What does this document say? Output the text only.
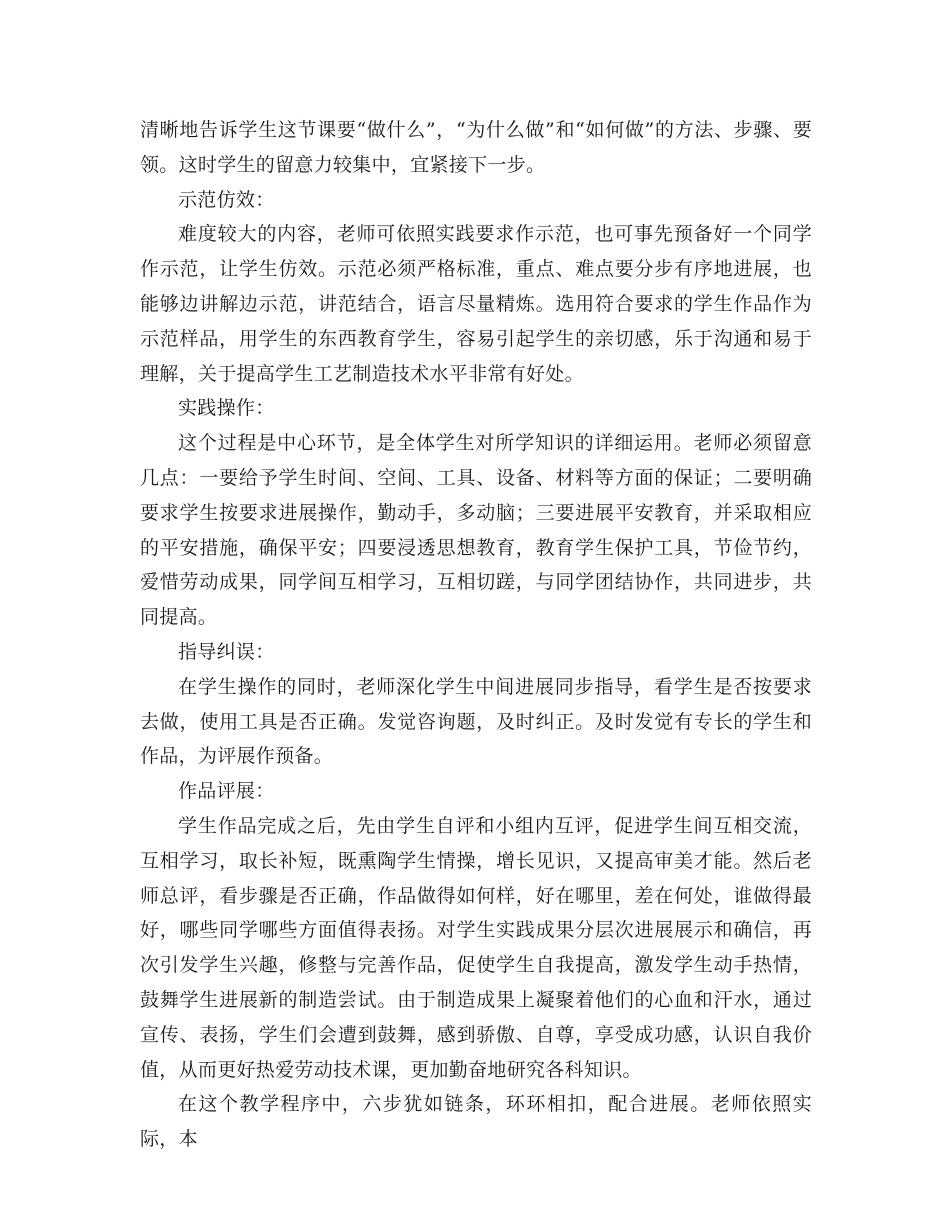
清晰地告诉学生这节课要“做什么”，“为什么做”和“如何做”的方法、步骤、要领。这时学生的留意力较集中，宜紧接下一步。

示范仿效：

难度较大的内容，老师可依照实践要求作示范，也可事先预备好一个同学作示范，让学生仿效。示范必须严格标准，重点、难点要分步有序地进展，也能够边讲解边示范，讲范结合，语言尽量精炼。选用符合要求的学生作品作为示范样品，用学生的东西教育学生，容易引起学生的亲切感，乐于沟通和易于理解，关于提高学生工艺制造技术水平非常有好处。

实践操作：

这个过程是中心环节，是全体学生对所学知识的详细运用。老师必须留意几点：一要给予学生时间、空间、工具、设备、材料等方面的保证；二要明确要求学生按要求进展操作，勤动手，多动脑；三要进展平安教育，并采取相应的平安措施，确保平安；四要浸透思想教育，教育学生保护工具，节俭节约，爱惜劳动成果，同学间互相学习，互相切蹉，与同学团结协作，共同进步，共同提高。

指导纠误：

在学生操作的同时，老师深化学生中间进展同步指导，看学生是否按要求去做，使用工具是否正确。发觉咨询题，及时纠正。及时发觉有专长的学生和作品，为评展作预备。

作品评展：

学生作品完成之后，先由学生自评和小组内互评，促进学生间互相交流，互相学习，取长补短，既熏陶学生情操，增长见识，又提高审美才能。然后老师总评，看步骤是否正确，作品做得如何样，好在哪里，差在何处，谁做得最好，哪些同学哪些方面值得表扬。对学生实践成果分层次进展展示和确信，再次引发学生兴趣，修整与完善作品，促使学生自我提高，激发学生动手热情，鼓舞学生进展新的制造尝试。由于制造成果上凝聚着他们的心血和汗水，通过宣传、表扬，学生们会遭到鼓舞，感到骄傲、自尊，享受成功感，认识自我价值，从而更好热爱劳动技术课，更加勤奋地研究各科知识。

在这个教学程序中，六步犹如链条，环环相扣，配合进展。老师依照实际，本
